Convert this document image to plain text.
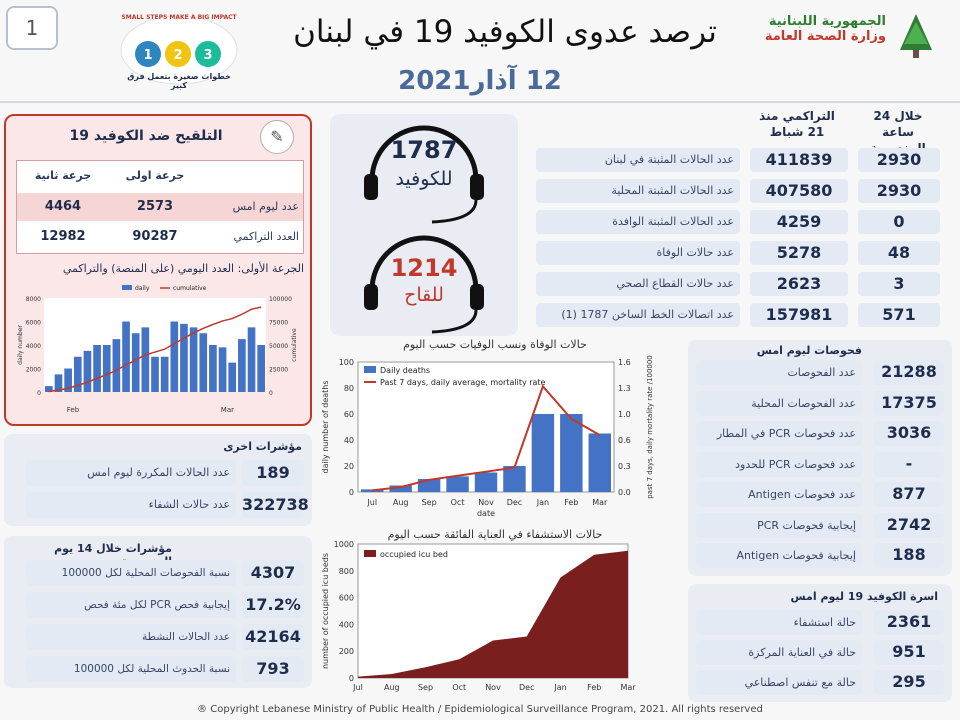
1
1 2 3
SMALL STEPS MAKE A BIG IMPACT
خطوات صغيرة بتعمل فرق كبير
ترصد عدوى الكوفيد 19 في لبنان
12 آذار2021
الجمهورية اللبنانية
وزارة الصحة العامة
✎
التلقيح ضد الكوفيد 19
جرعة ثانية	جرعة اولى
4464	2573	عدد ليوم امس
12982	90287	العدد التراكمي
الجرعة الأولى: العدد اليومي (على المنصة) والتراكمي
0	0
2000	25000
4000	50000
6000	75000
8000	100000
Feb	Mar
daily number	cumulative
daily	cumulative
1787
للكوفيد
1214
للقاح
التراكمي منذ 21 شباط
خلال 24 ساعة
عدد الحالات المثبتة في لبنان	411839	2930
عدد الحالات المثبتة المحلية	407580	2930
عدد الحالات المثبتة الوافدة	4259	0
عدد حالات الوفاة	5278	48
عدد حالات القطاع الصحي	2623	3
عدد اتصالات الخط الساخن 1787 (1)	157981	571
حالات الوفاة ونسب الوفيات حسب اليوم
0	0.0
20	0.3
40	0.6
60	1.0
80	1.3
100	1.6
Jul Aug Sep Oct Nov Dec Jan Feb Mar
date
daily number of deaths	past 7 days, daily mortality rate /100000
Daily deaths
Past 7 days, daily average, mortality rate
حالات الاستشفاء في العناية الفائقة حسب اليوم
0
200
400
600
800
1000
Jul	Aug Sep Oct Nov Dec Jan	Feb Mar
number of occupied icu beds	occupied icu bed
مؤشرات اخرى
عدد الحالات المكررة ليوم امس	189
عدد حالات الشفاء 322738
مؤشرات خلال 14 يوم
نسبة الفحوصات المحلية لكل 100000	4307
إيجابية فحص PCR لكل مئة فحص 17.2%
عدد الحالات النشطة 42164
نسبة الحدوث المحلية لكل 100000	793
فحوصات ليوم امس
عدد الفحوصات	21288
عدد الفحوصات المحلية	17375
عدد فحوصات PCR في المطار	3036
عدد فحوصات PCR للحدود	-
عدد فحوصات Antigen	877
إيجابية فحوصات PCR	2742
إيجابية فحوصات Antigen	188
اسرة الكوفيد 19 ليوم امس
حالة استشفاء	2361
حالة في العناية المركزة	951
حالة مع تنفس اصطناعي	295
® Copyright Lebanese Ministry of Public Health / Epidemiological Surveillance Program, 2021. All rights reserved
